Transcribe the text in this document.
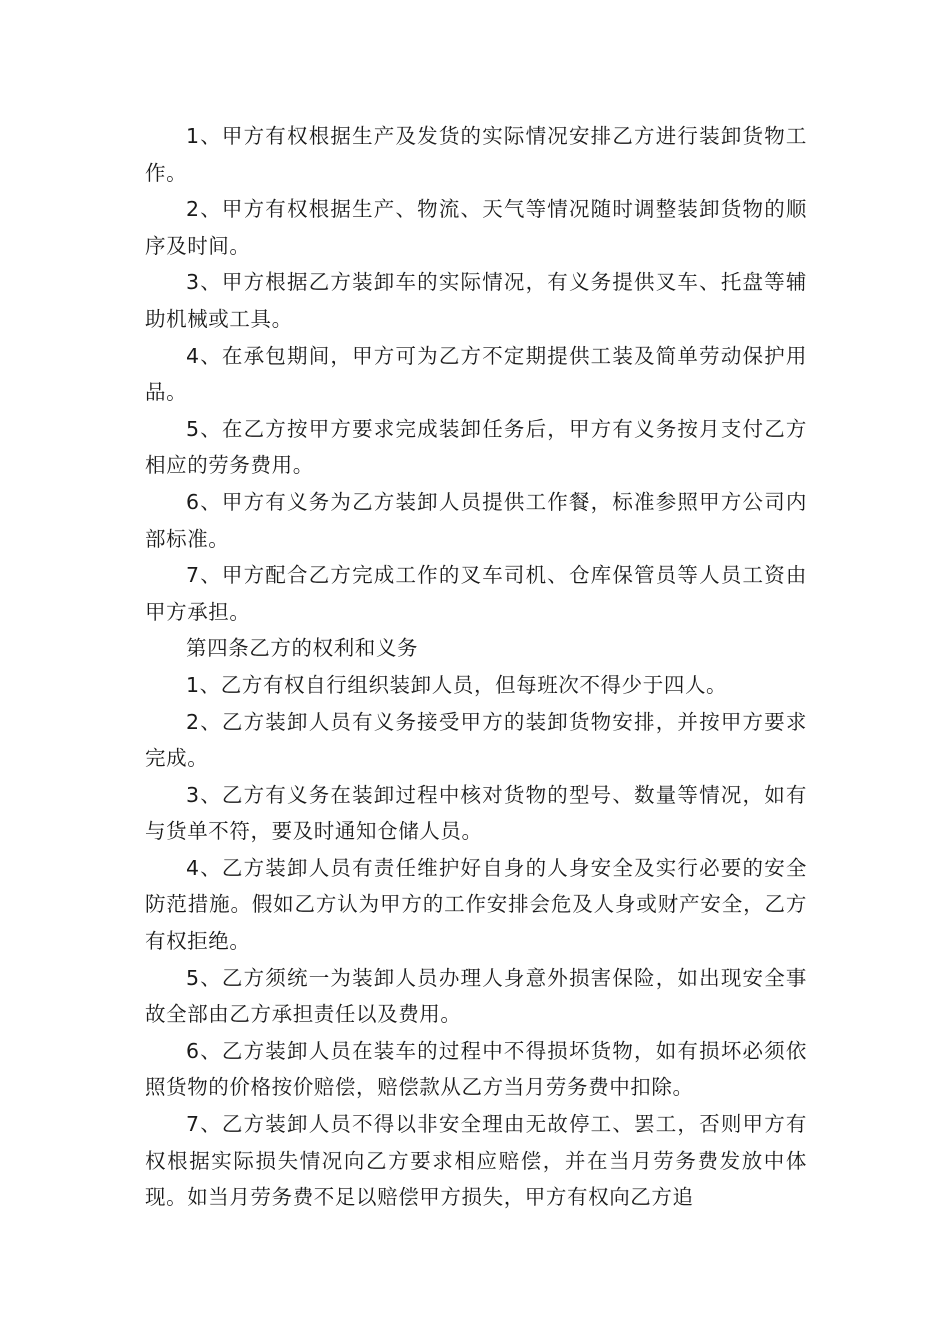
1、甲方有权根据生产及发货的实际情况安排乙方进行装卸货物工作。

2、甲方有权根据生产、物流、天气等情况随时调整装卸货物的顺序及时间。

3、甲方根据乙方装卸车的实际情况，有义务提供叉车、托盘等辅助机械或工具。

4、在承包期间，甲方可为乙方不定期提供工装及简单劳动保护用品。

5、在乙方按甲方要求完成装卸任务后，甲方有义务按月支付乙方相应的劳务费用。

6、甲方有义务为乙方装卸人员提供工作餐，标准参照甲方公司内部标准。

7、甲方配合乙方完成工作的叉车司机、仓库保管员等人员工资由甲方承担。

第四条乙方的权利和义务

1、乙方有权自行组织装卸人员，但每班次不得少于四人。

2、乙方装卸人员有义务接受甲方的装卸货物安排，并按甲方要求完成。

3、乙方有义务在装卸过程中核对货物的型号、数量等情况，如有与货单不符，要及时通知仓储人员。

4、乙方装卸人员有责任维护好自身的人身安全及实行必要的安全防范措施。假如乙方认为甲方的工作安排会危及人身或财产安全，乙方有权拒绝。

5、乙方须统一为装卸人员办理人身意外损害保险，如出现安全事故全部由乙方承担责任以及费用。

6、乙方装卸人员在装车的过程中不得损坏货物，如有损坏必须依照货物的价格按价赔偿，赔偿款从乙方当月劳务费中扣除。

7、乙方装卸人员不得以非安全理由无故停工、罢工，否则甲方有权根据实际损失情况向乙方要求相应赔偿，并在当月劳务费发放中体现。如当月劳务费不足以赔偿甲方损失，甲方有权向乙方追
